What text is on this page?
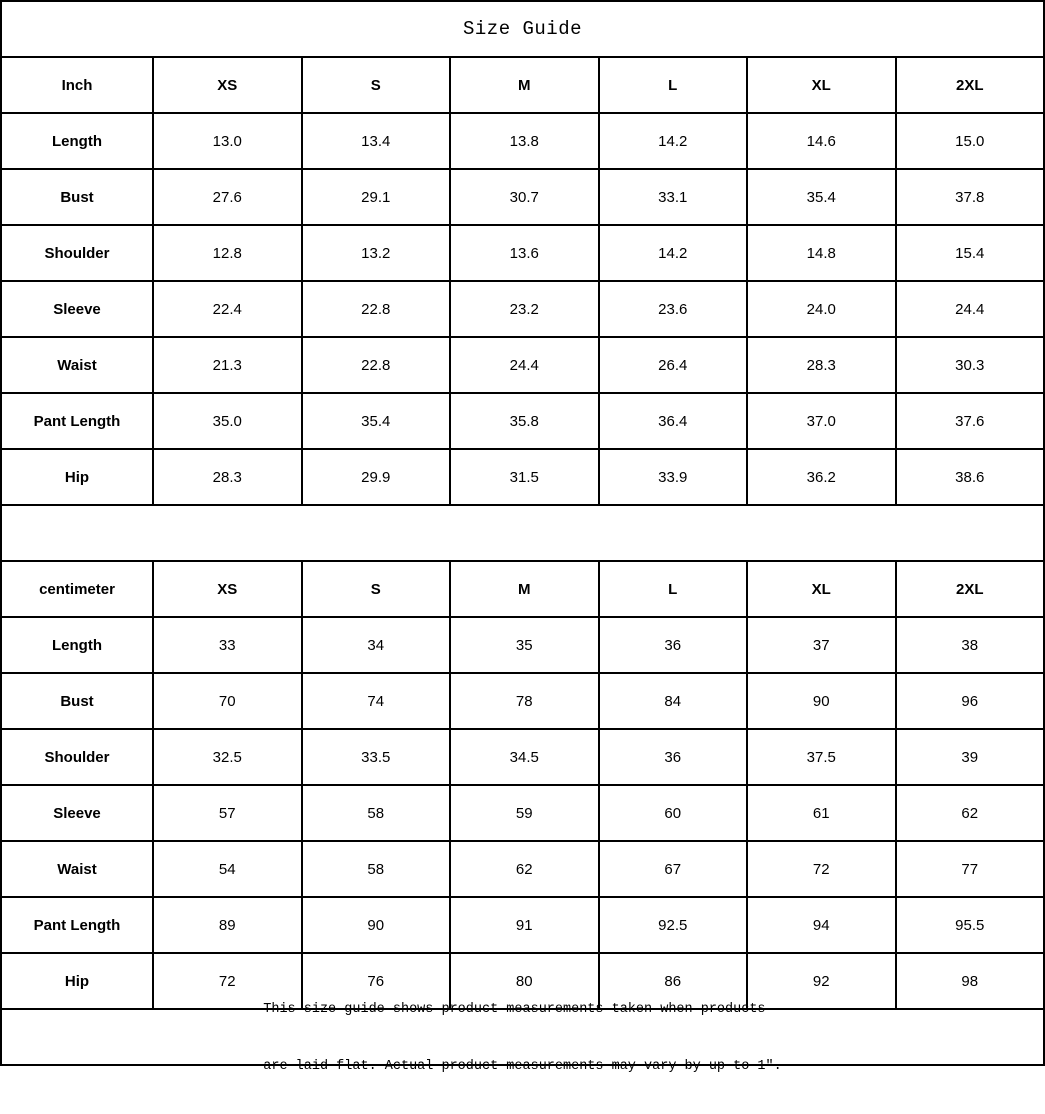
Size Guide
Inch	XS	S	M	L	XL	2XL
Length	13.0	13.4	13.8	14.2	14.6	15.0
Bust	27.6	29.1	30.7	33.1	35.4	37.8
Shoulder	12.8	13.2	13.6	14.2	14.8	15.4
Sleeve	22.4	22.8	23.2	23.6	24.0	24.4
Waist	21.3	22.8	24.4	26.4	28.3	30.3
Pant Length	35.0	35.4	35.8	36.4	37.0	37.6
Hip	28.3	29.9	31.5	33.9	36.2	38.6
centimeter	XS	S	M	L	XL	2XL
Length	33	34	35	36	37	38
Bust	70	74	78	84	90	96
Shoulder	32.5	33.5	34.5	36	37.5	39
Sleeve	57	58	59	60	61	62
Waist	54	58	62	67	72	77
Pant Length	89	90	91	92.5	94	95.5
Hip	72	76	80	86	92	98

This size guide shows product measurements taken when products

are laid flat. Actual product measurements may vary by up to 1″.
